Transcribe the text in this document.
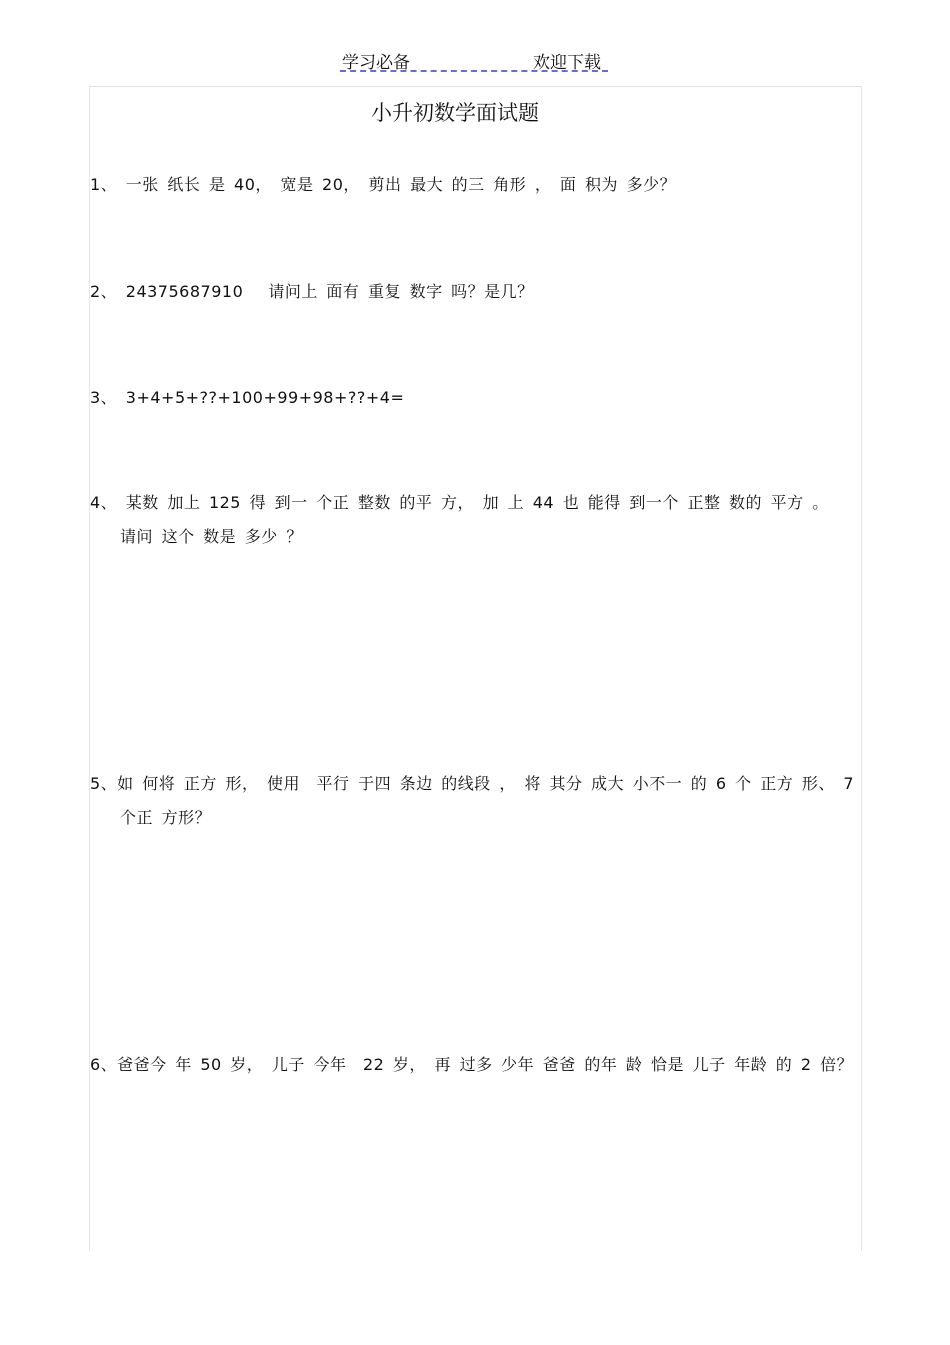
学习必备	欢迎下载
小升初数学面试题
1、 一张 纸长 是 40， 宽是 20， 剪出 最大 的三 角形 ， 面 积为 多少？
2、 24375687910　 请问上 面有 重复 数字 吗？是几？
3、 3+4+5+??+100+99+98+??+4=
4、 某数 加上 125 得 到一 个正 整数 的平 方， 加 上 44 也 能得 到一个 正整 数的 平方 。
请问 这个 数是 多少 ？
5、如 何将 正方 形， 使用　平行 于四 条边 的线段 ， 将 其分 成大 小不一 的 6 个 正方 形、 7
个正 方形？
6、爸爸今 年 50 岁， 儿子 今年　22 岁， 再 过多 少年 爸爸 的年 龄 恰是 儿子 年龄 的 2 倍？
